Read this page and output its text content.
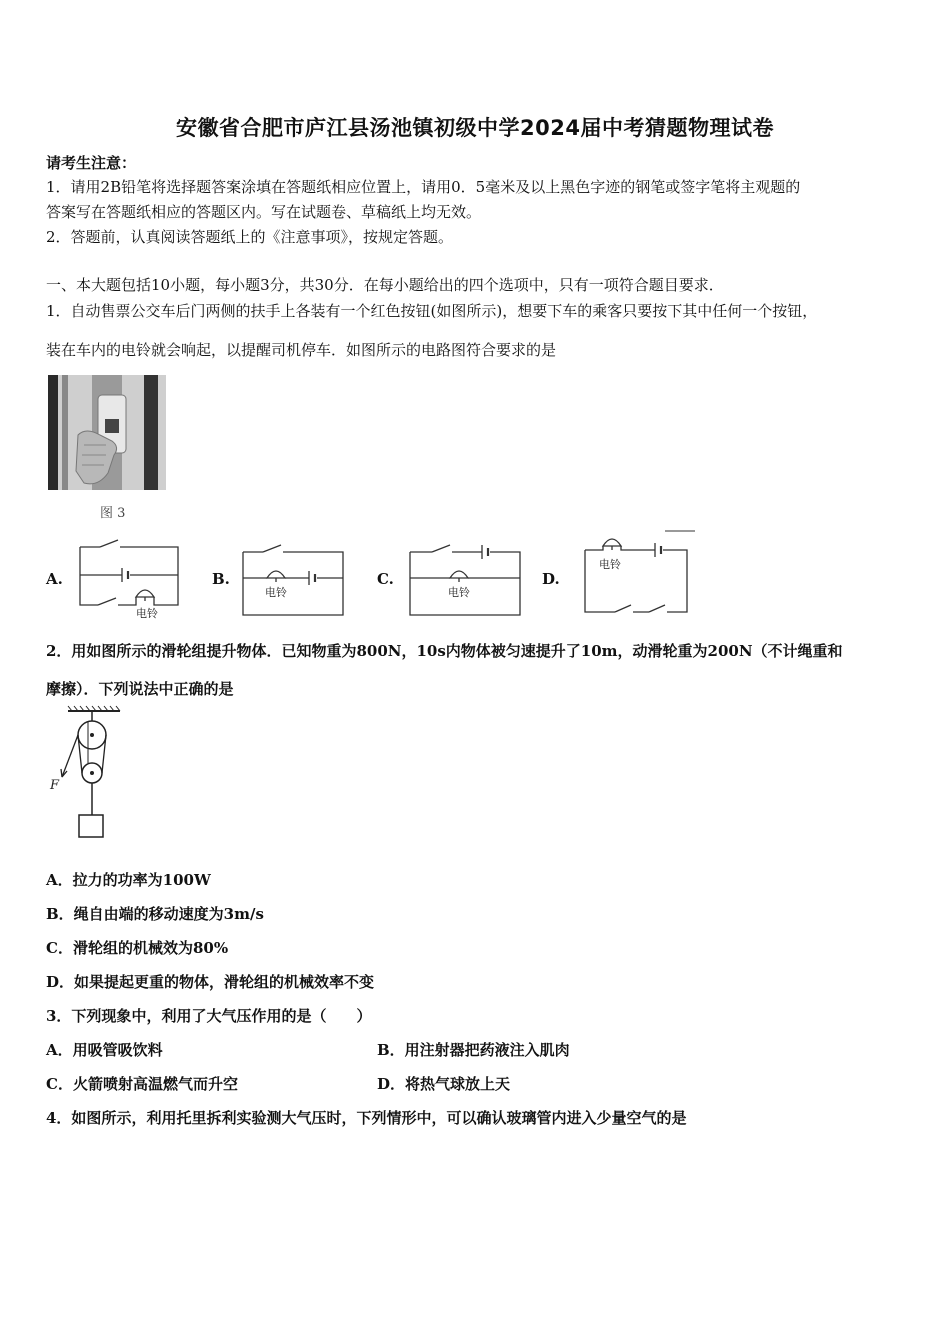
安徽省合肥市庐江县汤池镇初级中学2024届中考猜题物理试卷
请考生注意：
1．请用2B铅笔将选择题答案涂填在答题纸相应位置上，请用0．5毫米及以上黑色字迹的钢笔或签字笔将主观题的
答案写在答题纸相应的答题区内。写在试题卷、草稿纸上均无效。
2．答题前，认真阅读答题纸上的《注意事项》，按规定答题。
一、本大题包括10小题，每小题3分，共30分．在每小题给出的四个选项中，只有一项符合题目要求．
1．自动售票公交车后门两侧的扶手上各装有一个红色按钮(如图所示)，想要下车的乘客只要按下其中任何一个按钮，
装在车内的电铃就会响起，以提醒司机停车．如图所示的电路图符合要求的是
图 3
A.
电铃
B.
电铃
C.
电铃
D.
电铃
2．用如图所示的滑轮组提升物体．已知物重为800N，10s内物体被匀速提升了10m，动滑轮重为200N（不计绳重和
摩擦）．下列说法中正确的是
F
A．拉力的功率为100W
B．绳自由端的移动速度为3m/s
C．滑轮组的机械效为80%
D．如果提起更重的物体，滑轮组的机械效率不变
3．下列现象中，利用了大气压作用的是（　　）
A．用吸管吸饮料	B．用注射器把药液注入肌肉
C．火箭喷射高温燃气而升空	D．将热气球放上天
4．如图所示，利用托里拆利实验测大气压时，下列情形中，可以确认玻璃管内进入少量空气的是
